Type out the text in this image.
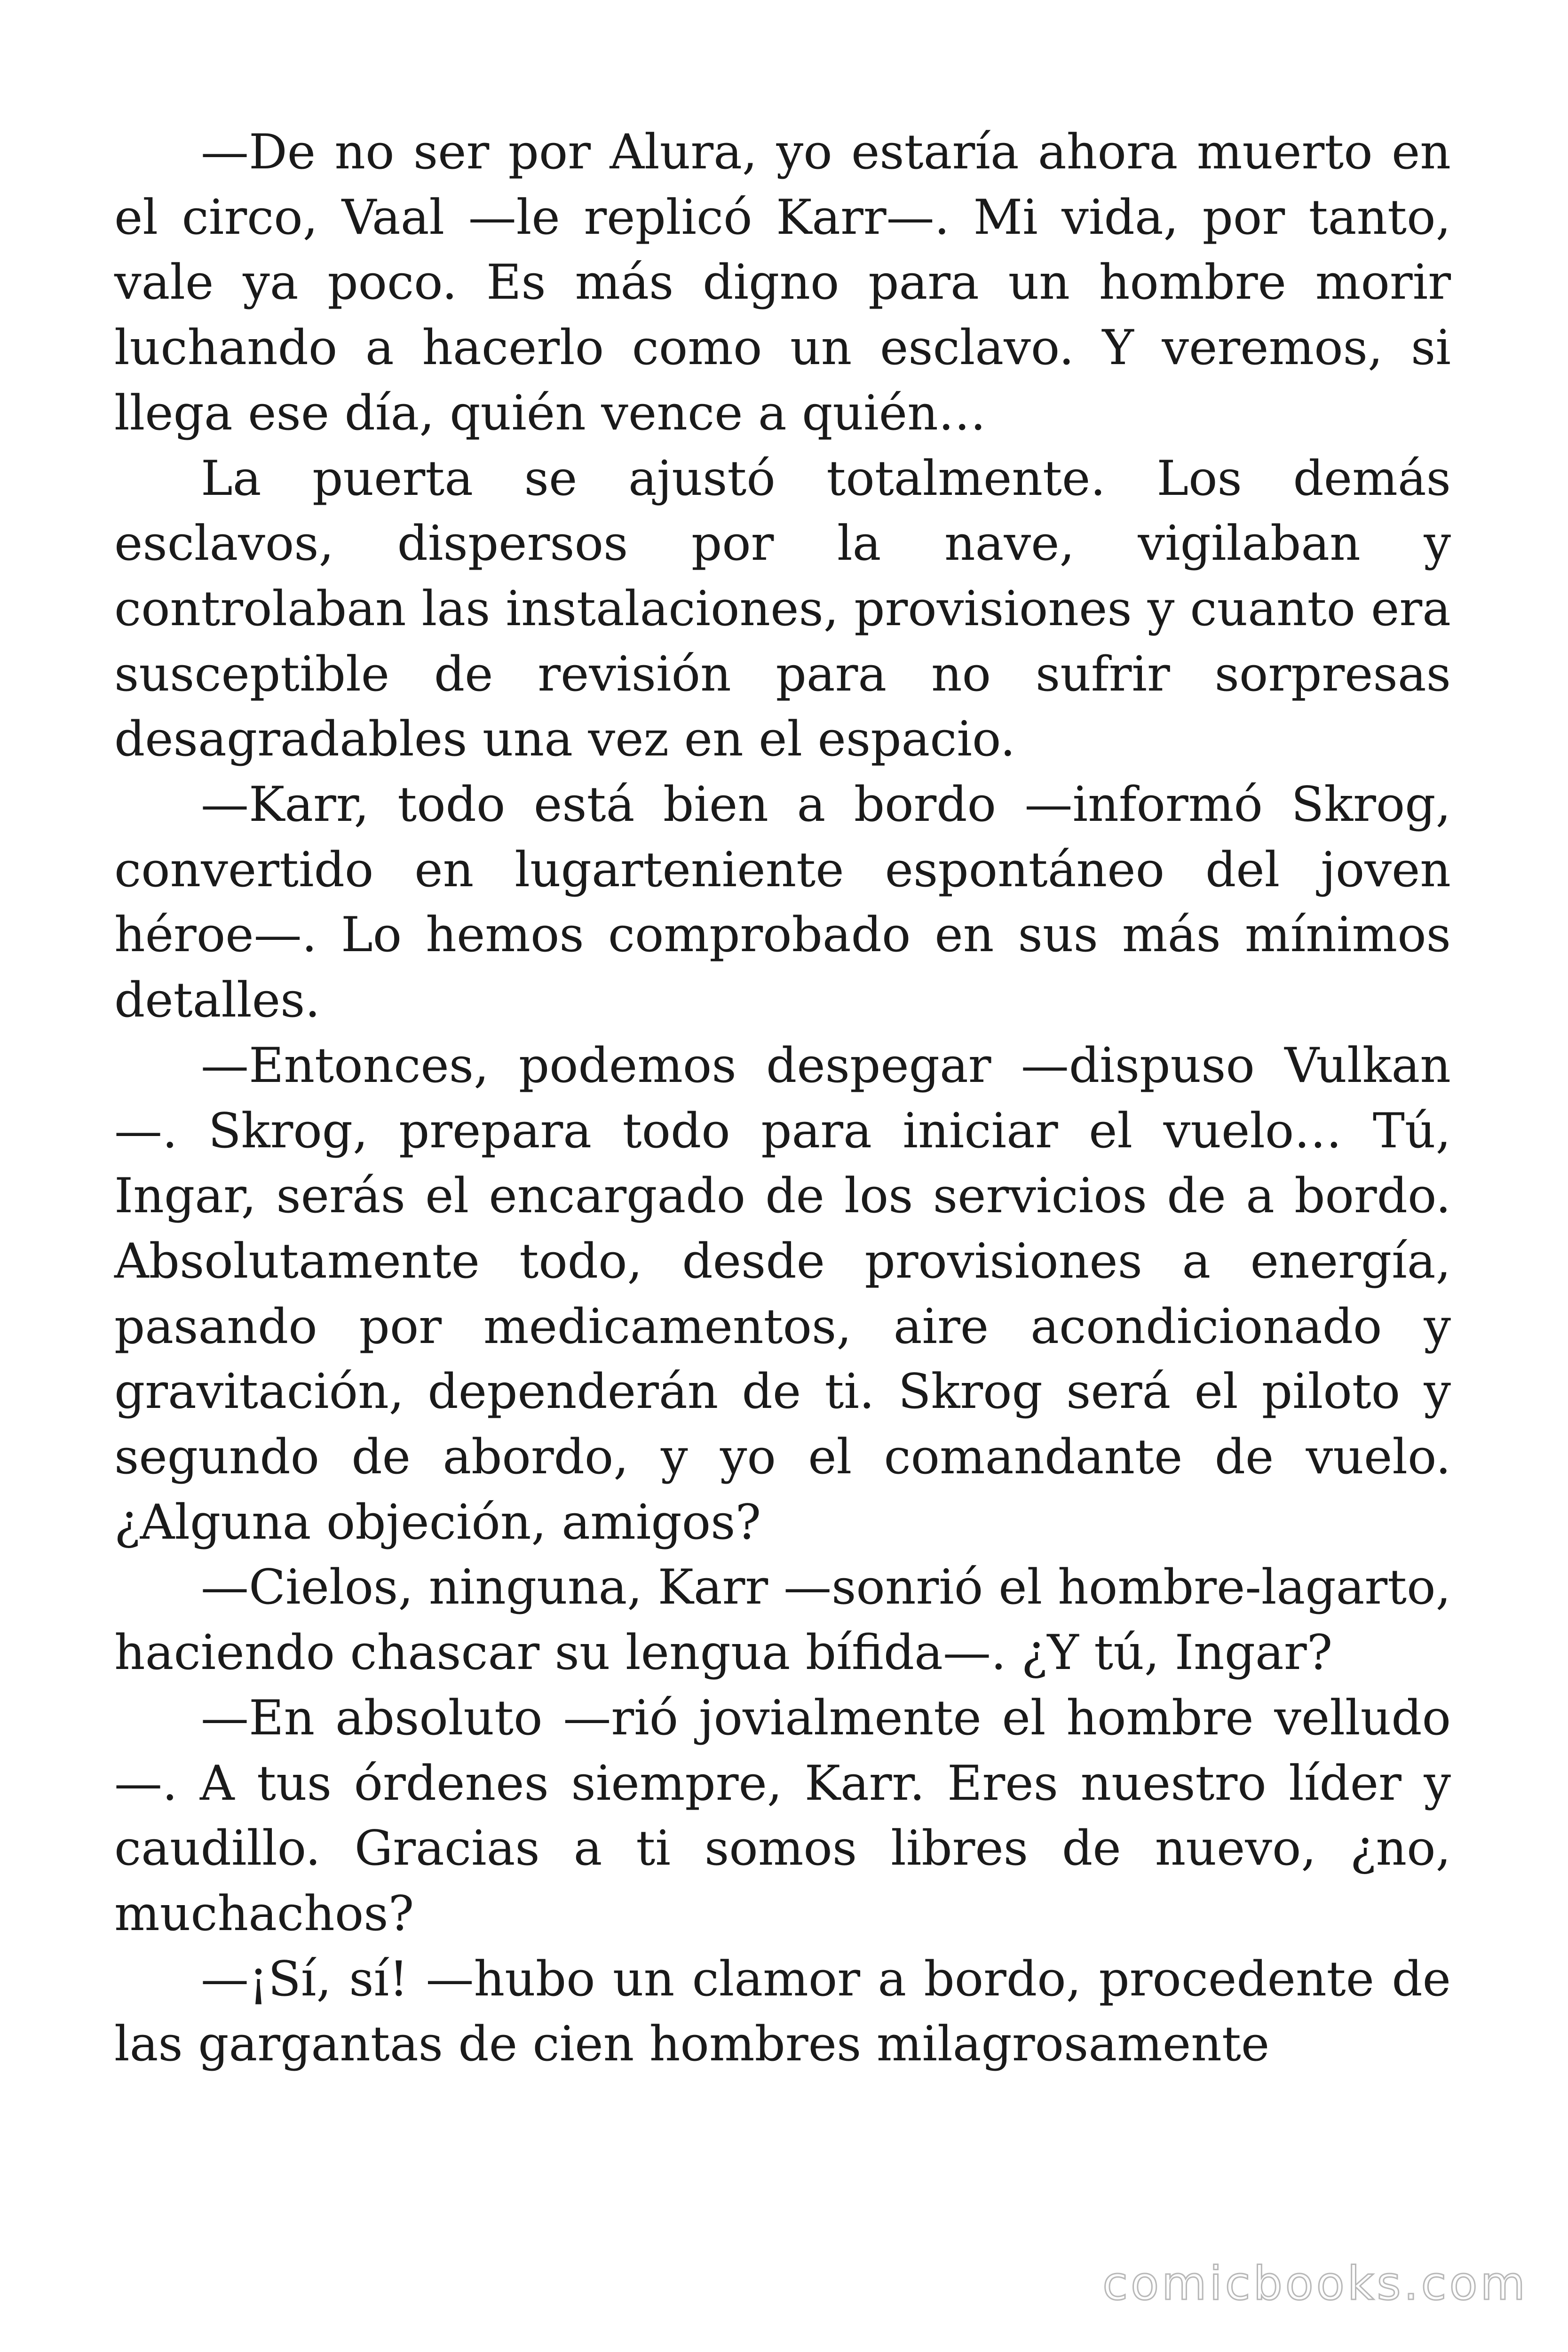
—De no ser por Alura, yo estaría ahora muerto en el circo, Vaal —le replicó Karr—. Mi vida, por tanto, vale ya poco. Es más digno para un hombre morir luchando a hacerlo como un esclavo. Y veremos, si llega ese día, quién vence a quién…

La puerta se ajustó totalmente. Los demás esclavos, dispersos por la nave, vigilaban y controlaban las instalaciones, provisiones y cuanto era susceptible de revisión para no sufrir sorpresas desagradables una vez en el espacio.

—Karr, todo está bien a bordo —informó Skrog, convertido en lugarteniente espontáneo del joven héroe—. Lo hemos comprobado en sus más mínimos detalles.

—Entonces, podemos despegar —dispuso Vulkan —. Skrog, prepara todo para iniciar el vuelo… Tú, Ingar, serás el encargado de los servicios de a bordo. Absolutamente todo, desde provisiones a energía, pasando por medicamentos, aire acondicionado y gravitación, dependerán de ti. Skrog será el piloto y segundo de abordo, y yo el comandante de vuelo. ¿Alguna objeción, amigos?

—Cielos, ninguna, Karr —sonrió el hombre-lagarto, haciendo chascar su lengua bífida—. ¿Y tú, Ingar?

—En absoluto —rió jovialmente el hombre velludo —. A tus órdenes siempre, Karr. Eres nuestro líder y caudillo. Gracias a ti somos libres de nuevo, ¿no, muchachos?

—¡Sí, sí! —hubo un clamor a bordo, procedente de las gargantas de cien hombres milagrosamente

comicbooks.com
